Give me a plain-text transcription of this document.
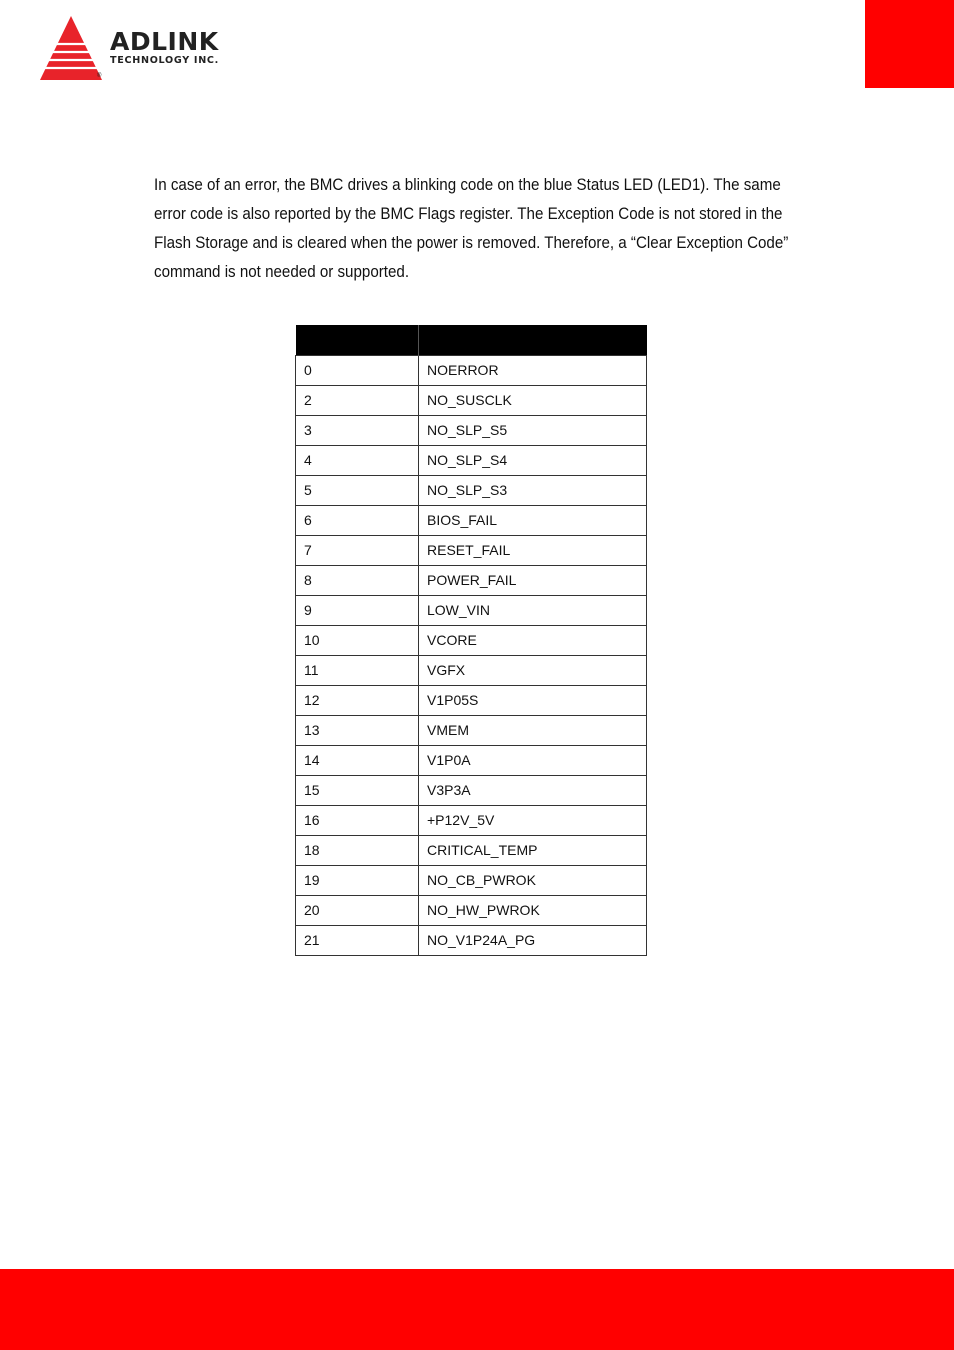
ADLINK
TECHNOLOGY INC.
®

In case of an error, the BMC drives a blinking code on the blue Status LED (LED1). The same error code is also reported by the BMC Flags register. The Exception Code is not stored in the Flash Storage and is cleared when the power is removed. Therefore, a “Clear Exception Code” command is not needed or supported.

0	NOERROR
2	NO_SUSCLK
3	NO_SLP_S5
4	NO_SLP_S4
5	NO_SLP_S3
6	BIOS_FAIL
7	RESET_FAIL
8	POWER_FAIL
9	LOW_VIN
10	VCORE
11	VGFX
12	V1P05S
13	VMEM
14	V1P0A
15	V3P3A
16	+P12V_5V
18	CRITICAL_TEMP
19	NO_CB_PWROK
20	NO_HW_PWROK
21	NO_V1P24A_PG
